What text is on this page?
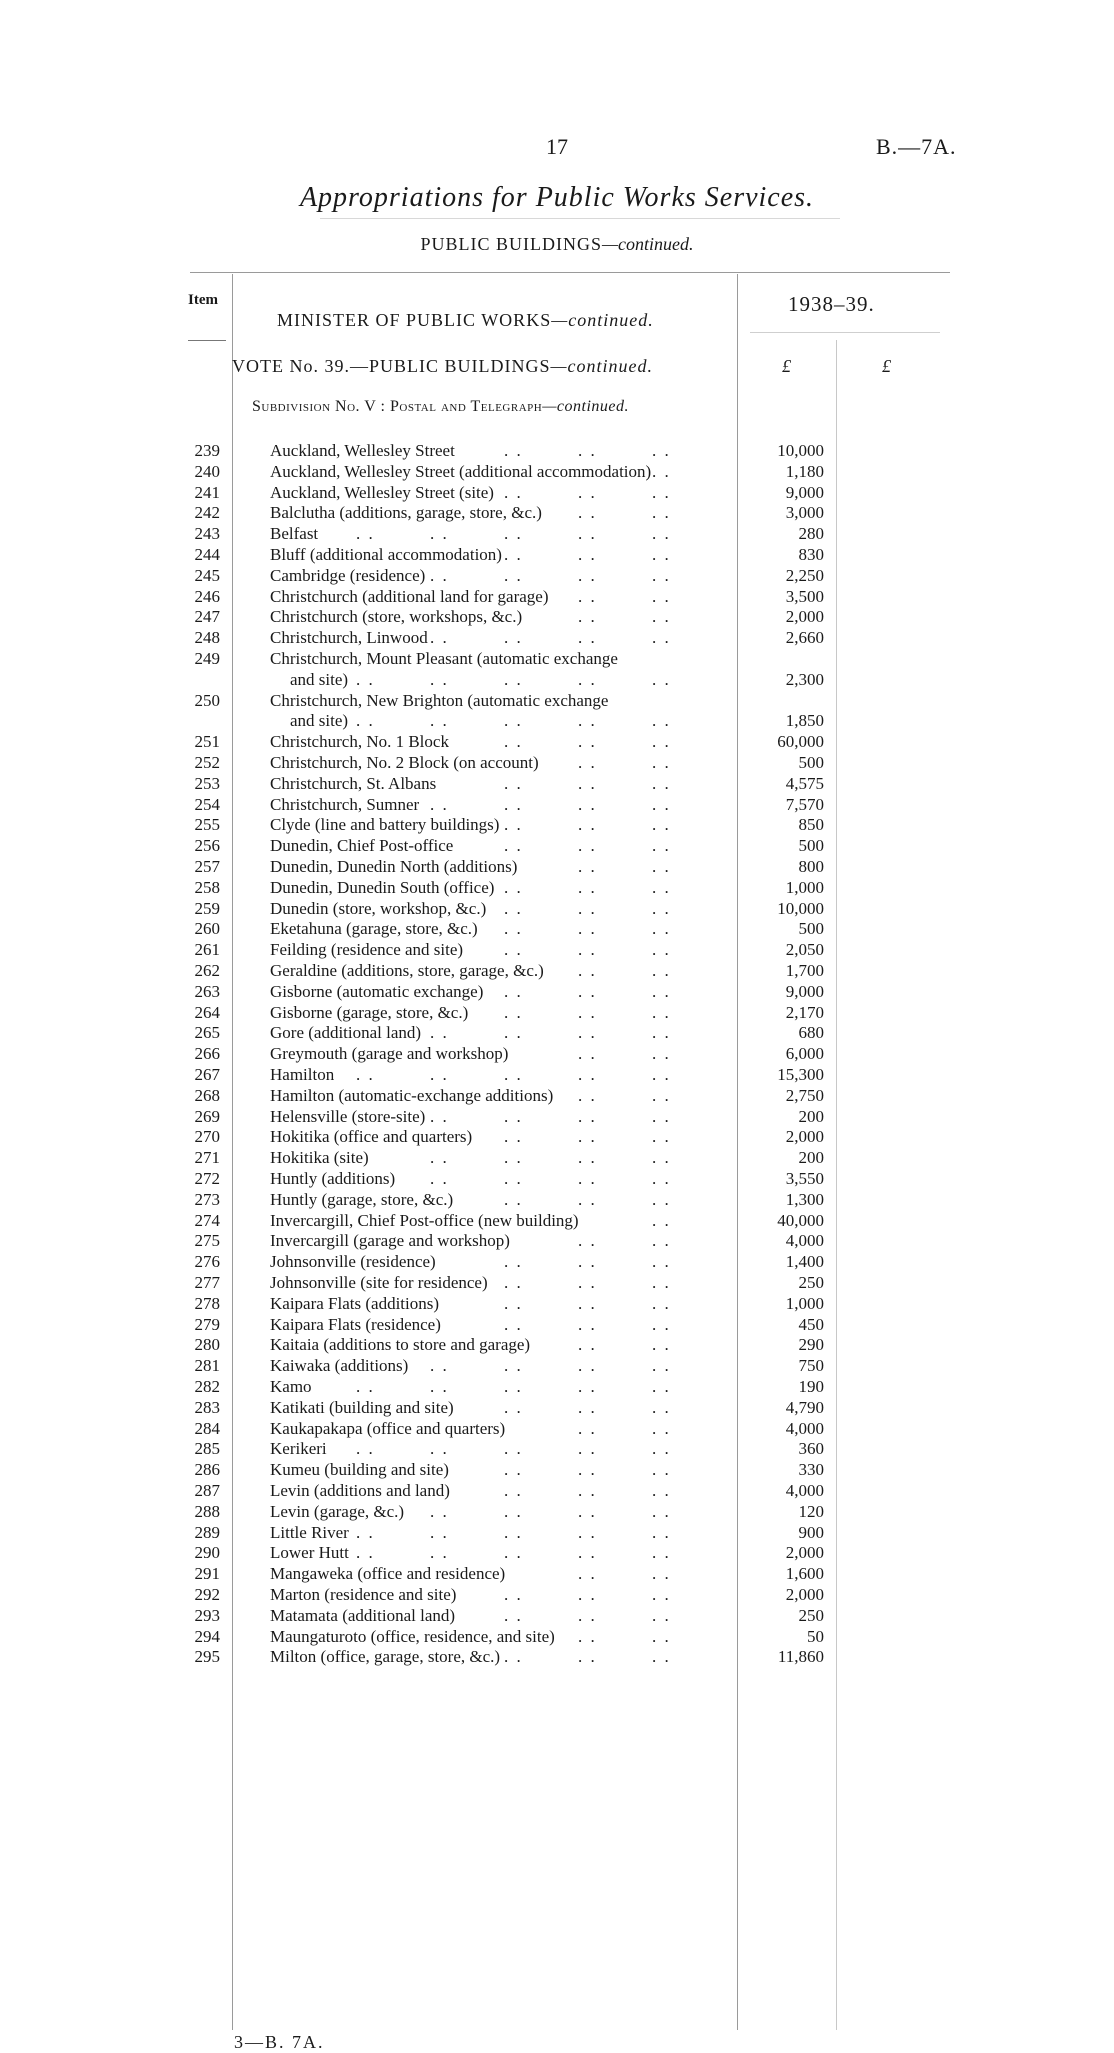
17	B.—7A.
Appropriations for Public Works Services.
PUBLIC BUILDINGS—continued.
Item	1938–39.
MINISTER OF PUBLIC WORKS—continued.
VOTE No. 39.—PUBLIC BUILDINGS—continued.	£	£
Subdivision No. V : Postal and Telegraph—continued.
239	Auckland, Wellesley Street	10,000
. .	. .	. .
240	Auckland, Wellesley Street (additional accommodation)	1,180
. .
241	Auckland, Wellesley Street (site)	9,000
. .	. .	. .
242	Balclutha (additions, garage, store, &c.)	3,000
. .	. .
243	Belfast	280
. .	. .	. .	. .	. .
244	Bluff (additional accommodation)	830
. .	. .	. .
245	Cambridge (residence)	2,250
. .	. .	. .	. .
246	Christchurch (additional land for garage)	3,500
. .	. .
247	Christchurch (store, workshops, &c.)	2,000
. .	. .
248	Christchurch, Linwood	2,660
. .	. .	. .	. .
249	Christchurch, Mount Pleasant (automatic exchange
and site)	2,300
. .	. .	. .	. .	. .
250	Christchurch, New Brighton (automatic exchange
and site)	1,850
. .	. .	. .	. .	. .
251	Christchurch, No. 1 Block	60,000
. .	. .	. .
252	Christchurch, No. 2 Block (on account)	500
. .	. .
253	Christchurch, St. Albans	4,575
. .	. .	. .
254	Christchurch, Sumner	7,570
. .	. .	. .	. .
255	Clyde (line and battery buildings)	850
. .	. .	. .
256	Dunedin, Chief Post-office	500
. .	. .	. .
257	Dunedin, Dunedin North (additions)	800
. .	. .
258	Dunedin, Dunedin South (office)	1,000
. .	. .	. .
259	Dunedin (store, workshop, &c.)	10,000
. .	. .	. .
260	Eketahuna (garage, store, &c.)	500
. .	. .	. .
261	Feilding (residence and site)	2,050
. .	. .	. .
262	Geraldine (additions, store, garage, &c.)	1,700
. .	. .
263	Gisborne (automatic exchange)	9,000
. .	. .	. .
264	Gisborne (garage, store, &c.)	2,170
. .	. .	. .
265	Gore (additional land)	680
. .	. .	. .	. .
266	Greymouth (garage and workshop)	6,000
. .	. .
267	Hamilton	15,300
. .	. .	. .	. .	. .
268	Hamilton (automatic-exchange additions)	2,750
. .	. .
269	Helensville (store-site)	200
. .	. .	. .	. .
270	Hokitika (office and quarters)	2,000
. .	. .	. .
271	Hokitika (site)	200
. .	. .	. .	. .
272	Huntly (additions)	3,550
. .	. .	. .	. .
273	Huntly (garage, store, &c.)	1,300
. .	. .	. .
274	Invercargill, Chief Post-office (new building)	40,000
. .
275	Invercargill (garage and workshop)	4,000
. .	. .
276	Johnsonville (residence)	1,400
. .	. .	. .
277	Johnsonville (site for residence)	250
. .	. .	. .
278	Kaipara Flats (additions)	1,000
. .	. .	. .
279	Kaipara Flats (residence)	450
. .	. .	. .
280	Kaitaia (additions to store and garage)	290
. .	. .
281	Kaiwaka (additions)	750
. .	. .	. .	. .
282	Kamo	190
. .	. .	. .	. .	. .
283	Katikati (building and site)	4,790
. .	. .	. .
284	Kaukapakapa (office and quarters)	4,000
. .	. .
285	Kerikeri	360
. .	. .	. .	. .	. .
286	Kumeu (building and site)	330
. .	. .	. .
287	Levin (additions and land)	4,000
. .	. .	. .
288	Levin (garage, &c.)	120
. .	. .	. .	. .
289	Little River	900
. .	. .	. .	. .	. .
290	Lower Hutt	2,000
. .	. .	. .	. .	. .
291	Mangaweka (office and residence)	1,600
. .	. .
292	Marton (residence and site)	2,000
. .	. .	. .
293	Matamata (additional land)	250
. .	. .	. .
294	Maungaturoto (office, residence, and site)	50
. .	. .
295	Milton (office, garage, store, &c.)	11,860
. .	. .	. .
3—B. 7A.
